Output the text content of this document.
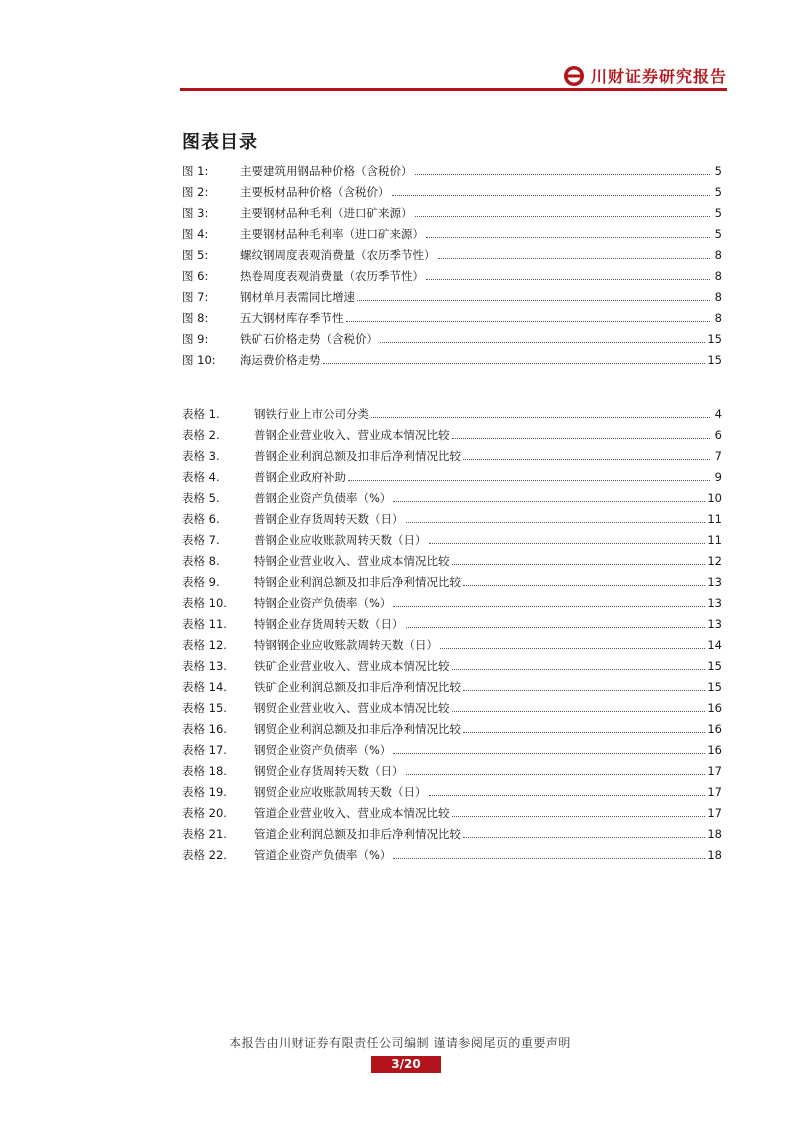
川财证券研究报告
图表目录
图 1:	主要建筑用钢品种价格（含税价）	5
图 2:	主要板材品种价格（含税价）	5
图 3:	主要钢材品种毛利（进口矿来源）	5
图 4:	主要钢材品种毛利率（进口矿来源）	5
图 5:	螺纹钢周度表观消费量（农历季节性）	8
图 6:	热卷周度表观消费量（农历季节性）	8
图 7:	钢材单月表需同比增速	8
图 8:	五大钢材库存季节性	8
图 9:	铁矿石价格走势（含税价）	15
图 10:	海运费价格走势	15
表格 1.	钢铁行业上市公司分类	4
表格 2.	普钢企业营业收入、营业成本情况比较	6
表格 3.	普钢企业利润总额及扣非后净利情况比较	7
表格 4.	普钢企业政府补助	9
表格 5.	普钢企业资产负债率（%）	10
表格 6.	普钢企业存货周转天数（日）	11
表格 7.	普钢企业应收账款周转天数（日）	11
表格 8.	特钢企业营业收入、营业成本情况比较	12
表格 9.	特钢企业利润总额及扣非后净利情况比较	13
表格 10.	特钢企业资产负债率（%）	13
表格 11.	特钢企业存货周转天数（日）	13
表格 12.	特钢钢企业应收账款周转天数（日）	14
表格 13.	铁矿企业营业收入、营业成本情况比较	15
表格 14.	铁矿企业利润总额及扣非后净利情况比较	15
表格 15.	钢贸企业营业收入、营业成本情况比较	16
表格 16.	钢贸企业利润总额及扣非后净利情况比较	16
表格 17.	钢贸企业资产负债率（%）	16
表格 18.	钢贸企业存货周转天数（日）	17
表格 19.	钢贸企业应收账款周转天数（日）	17
表格 20.	管道企业营业收入、营业成本情况比较	17
表格 21.	管道企业利润总额及扣非后净利情况比较	18
表格 22.	管道企业资产负债率（%）	18
本报告由川财证券有限责任公司编制 谨请参阅尾页的重要声明
3/20
